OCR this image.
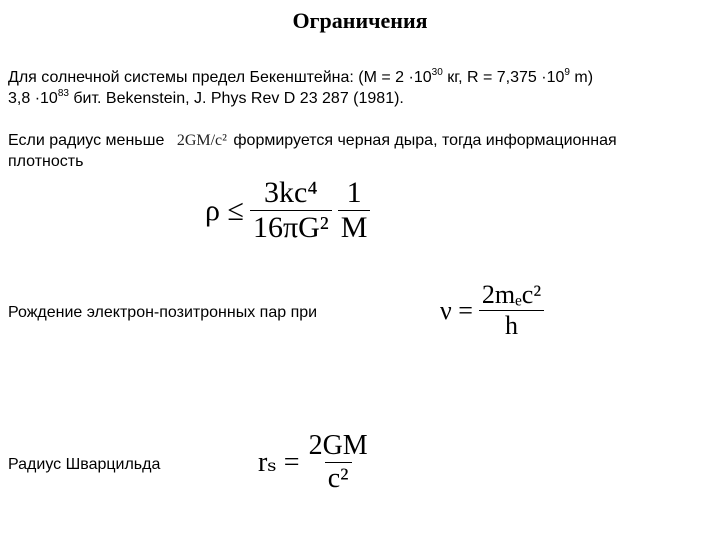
Ограничения
Для солнечной системы предел Бекенштейна: ($M = 2 \cdot 10^{30}$ кг, $R = 7,375 \cdot 10^9$ m)
$3,8 \cdot 10^{83}$ бит. Bekenstein, J. Phys Rev D 23 287 (1981).
Если радиус меньше 2GM/c² формируется черная дыра, тогда информационная
плотность
$\rho \le \frac{\text{3kc⁴}}{\text{16πG²}} \frac{1}{M}$
Рождение электрон-позитронных пар при	$\nu = \frac{\text{2mₑc²}}{h}$
Радиус Шварцильда	$r_s = \frac{2GM}{\text{c²}}$
